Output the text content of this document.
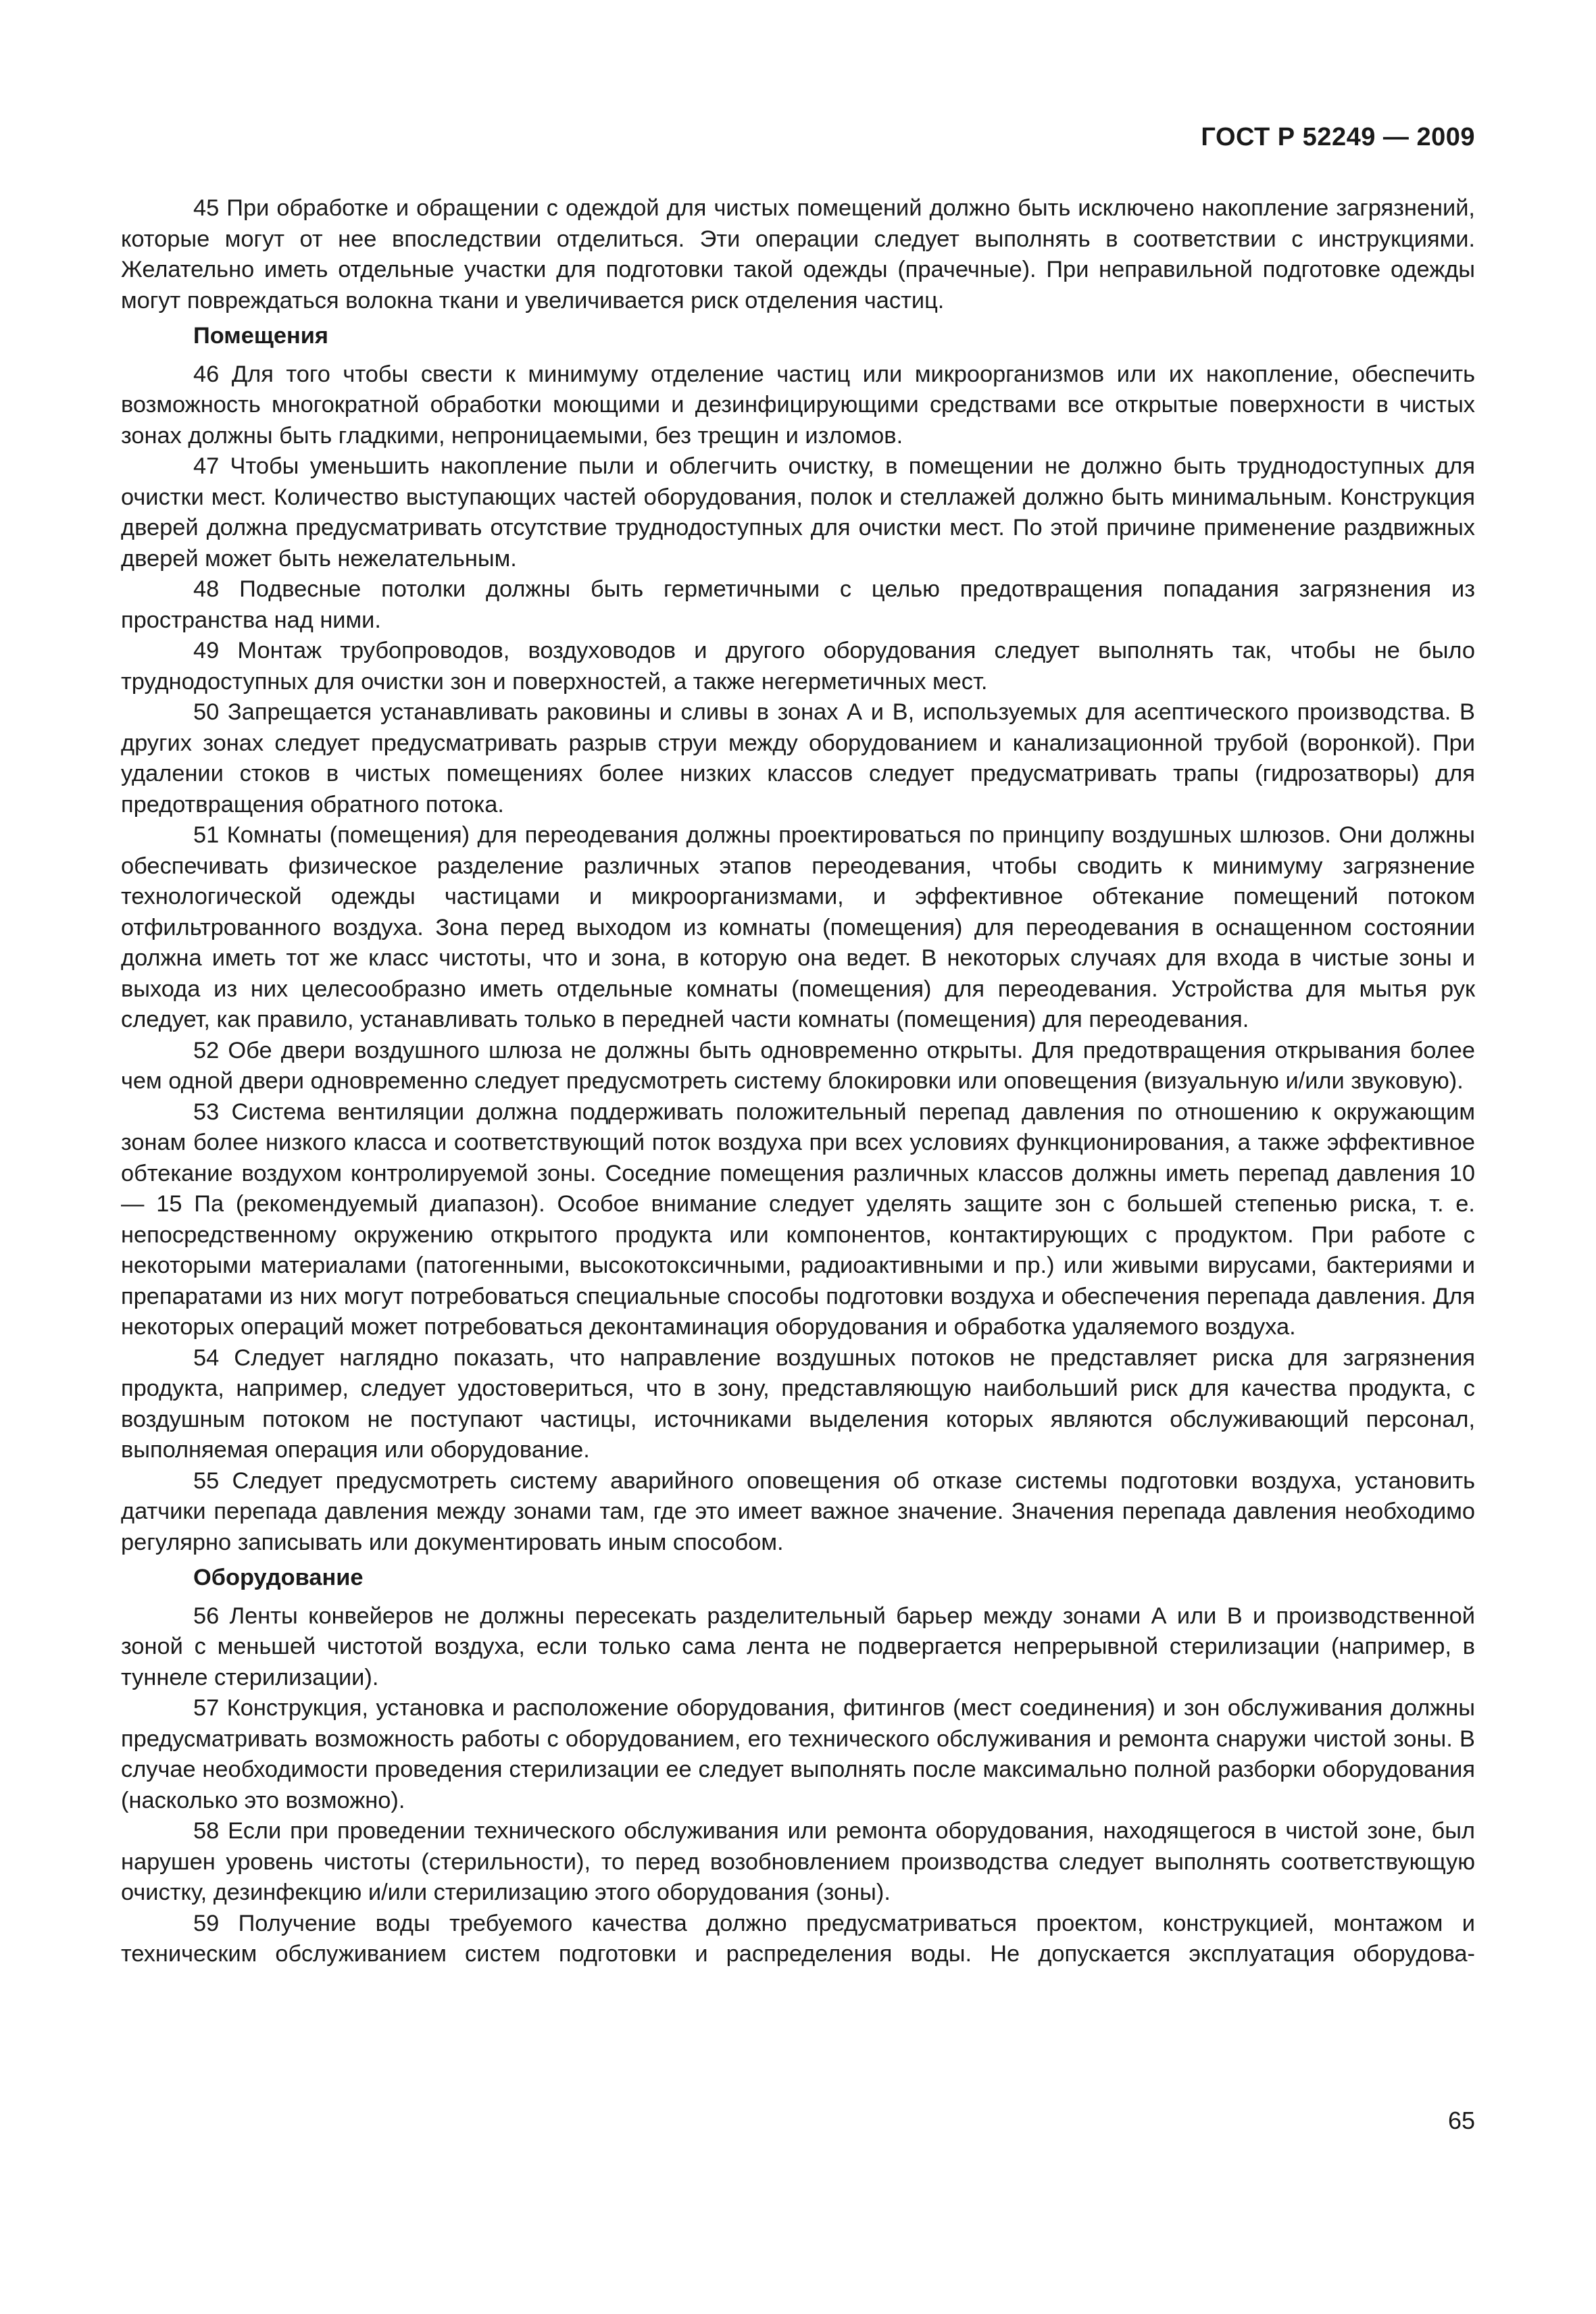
ГОСТ Р 52249 — 2009

45 При обработке и обращении с одеждой для чистых помещений должно быть исключено накопление загрязнений, которые могут от нее впоследствии отделиться. Эти операции следует выполнять в соответствии с инструкциями. Желательно иметь отдельные участки для подготовки такой одежды (прачечные). При неправильной подготовке одежды могут повреждаться волокна ткани и увеличивается риск отделения частиц.

Помещения

46 Для того чтобы свести к минимуму отделение частиц или микроорганизмов или их накопление, обеспечить возможность многократной обработки моющими и дезинфицирующими средствами все открытые поверхности в чистых зонах должны быть гладкими, непроницаемыми, без трещин и изломов.

47 Чтобы уменьшить накопление пыли и облегчить очистку, в помещении не должно быть труднодоступных для очистки мест. Количество выступающих частей оборудования, полок и стеллажей должно быть минимальным. Конструкция дверей должна предусматривать отсутствие труднодоступных для очистки мест. По этой причине применение раздвижных дверей может быть нежелательным.

48 Подвесные потолки должны быть герметичными с целью предотвращения попадания загрязнения из пространства над ними.

49 Монтаж трубопроводов, воздуховодов и другого оборудования следует выполнять так, чтобы не было труднодоступных для очистки зон и поверхностей, а также негерметичных мест.

50 Запрещается устанавливать раковины и сливы в зонах А и В, используемых для асептического производства. В других зонах следует предусматривать разрыв струи между оборудованием и канализационной трубой (воронкой). При удалении стоков в чистых помещениях более низких классов следует предусматривать трапы (гидрозатворы) для предотвращения обратного потока.

51 Комнаты (помещения) для переодевания должны проектироваться по принципу воздушных шлюзов. Они должны обеспечивать физическое разделение различных этапов переодевания, чтобы сводить к минимуму загрязнение технологической одежды частицами и микроорганизмами, и эффективное обтекание помещений потоком отфильтрованного воздуха. Зона перед выходом из комнаты (помещения) для переодевания в оснащенном состоянии должна иметь тот же класс чистоты, что и зона, в которую она ведет. В некоторых случаях для входа в чистые зоны и выхода из них целесообразно иметь отдельные комнаты (помещения) для переодевания. Устройства для мытья рук следует, как правило, устанавливать только в передней части комнаты (помещения) для переодевания.

52 Обе двери воздушного шлюза не должны быть одновременно открыты. Для предотвращения открывания более чем одной двери одновременно следует предусмотреть систему блокировки или оповещения (визуальную и/или звуковую).

53 Система вентиляции должна поддерживать положительный перепад давления по отношению к окружающим зонам более низкого класса и соответствующий поток воздуха при всех условиях функционирования, а также эффективное обтекание воздухом контролируемой зоны. Соседние помещения различных классов должны иметь перепад давления 10 — 15 Па (рекомендуемый диапазон). Особое внимание следует уделять защите зон с большей степенью риска, т. е. непосредственному окружению открытого продукта или компонентов, контактирующих с продуктом. При работе с некоторыми материалами (патогенными, высокотоксичными, радиоактивными и пр.) или живыми вирусами, бактериями и препаратами из них могут потребоваться специальные способы подготовки воздуха и обеспечения перепада давления. Для некоторых операций может потребоваться деконтаминация оборудования и обработка удаляемого воздуха.

54 Следует наглядно показать, что направление воздушных потоков не представляет риска для загрязнения продукта, например, следует удостовериться, что в зону, представляющую наибольший риск для качества продукта, с воздушным потоком не поступают частицы, источниками выделения которых являются обслуживающий персонал, выполняемая операция или оборудование.

55 Следует предусмотреть систему аварийного оповещения об отказе системы подготовки воздуха, установить датчики перепада давления между зонами там, где это имеет важное значение. Значения перепада давления необходимо регулярно записывать или документировать иным способом.

Оборудование

56 Ленты конвейеров не должны пересекать разделительный барьер между зонами А или В и производственной зоной с меньшей чистотой воздуха, если только сама лента не подвергается непрерывной стерилизации (например, в туннеле стерилизации).

57 Конструкция, установка и расположение оборудования, фитингов (мест соединения) и зон обслуживания должны предусматривать возможность работы с оборудованием, его технического обслуживания и ремонта снаружи чистой зоны. В случае необходимости проведения стерилизации ее следует выполнять после максимально полной разборки оборудования (насколько это возможно).

58 Если при проведении технического обслуживания или ремонта оборудования, находящегося в чистой зоне, был нарушен уровень чистоты (стерильности), то перед возобновлением производства следует выполнять соответствующую очистку, дезинфекцию и/или стерилизацию этого оборудования (зоны).

59 Получение воды требуемого качества должно предусматриваться проектом, конструкцией, монтажом и техническим обслуживанием систем подготовки и распределения воды. Не допускается эксплуатация оборудова-

65
